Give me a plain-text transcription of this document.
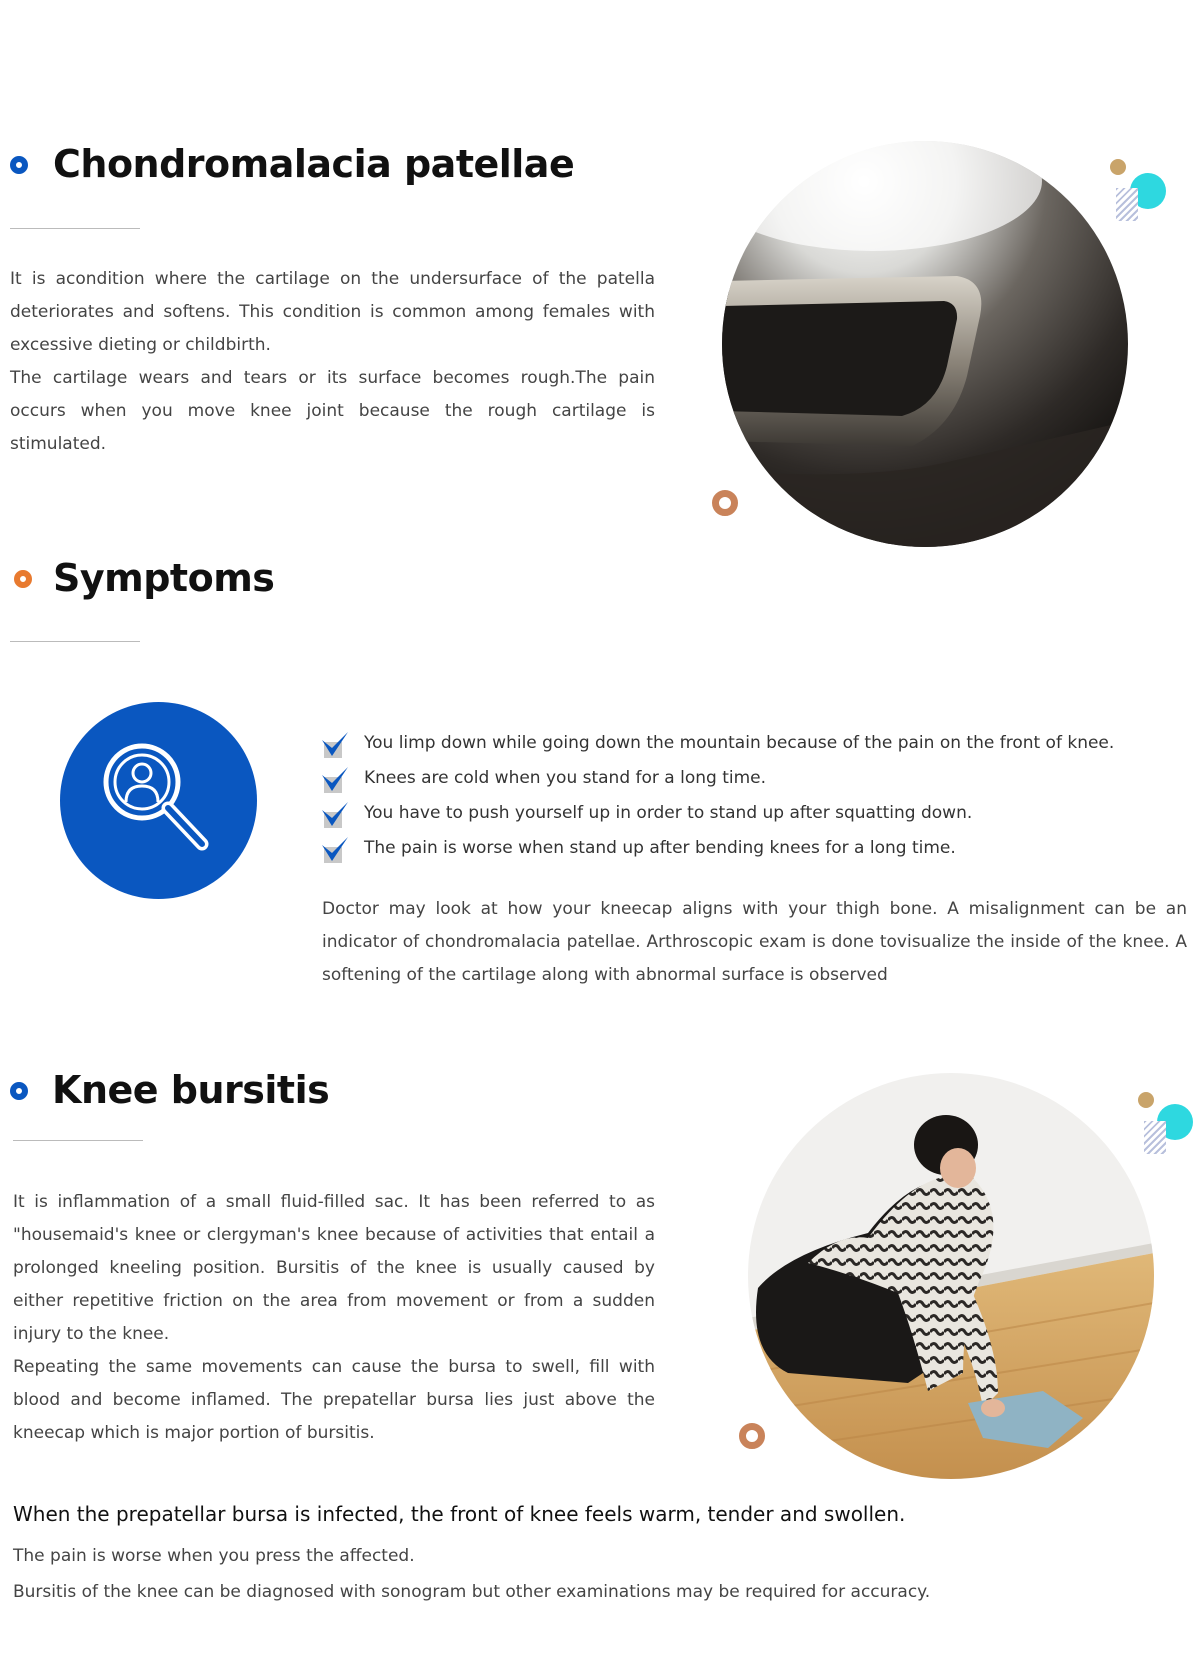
Chondromalacia patellae

It is acondition where the cartilage on the undersurface of the patella deteriorates and softens. This condition is common among females with excessive dieting or childbirth.

The cartilage wears and tears or its surface becomes rough.The pain occurs when you move knee joint because the rough cartilage is stimulated.

Symptoms
You limp down while going down the mountain because of the pain on the front of knee.
Knees are cold when you stand for a long time.
You have to push yourself up in order to stand up after squatting down.
The pain is worse when stand up after bending knees for a long time.

Doctor may look at how your kneecap aligns with your thigh bone. A misalignment can be an indicator of chondromalacia patellae. Arthroscopic exam is done tovisualize the inside of the knee. A softening of the cartilage along with abnormal surface is observed

Knee bursitis

It is inflammation of a small fluid-filled sac. It has been referred to as "housemaid's knee or clergyman's knee because of activities that entail a prolonged kneeling position. Bursitis of the knee is usually caused by either repetitive friction on the area from movement or from a sudden injury to the knee.

Repeating the same movements can cause the bursa to swell, fill with blood and become inflamed. The prepatellar bursa lies just above the kneecap which is major portion of bursitis.

When the prepatellar bursa is infected, the front of knee feels warm, tender and swollen.
The pain is worse when you press the affected.
Bursitis of the knee can be diagnosed with sonogram but other examinations may be required for accuracy.
